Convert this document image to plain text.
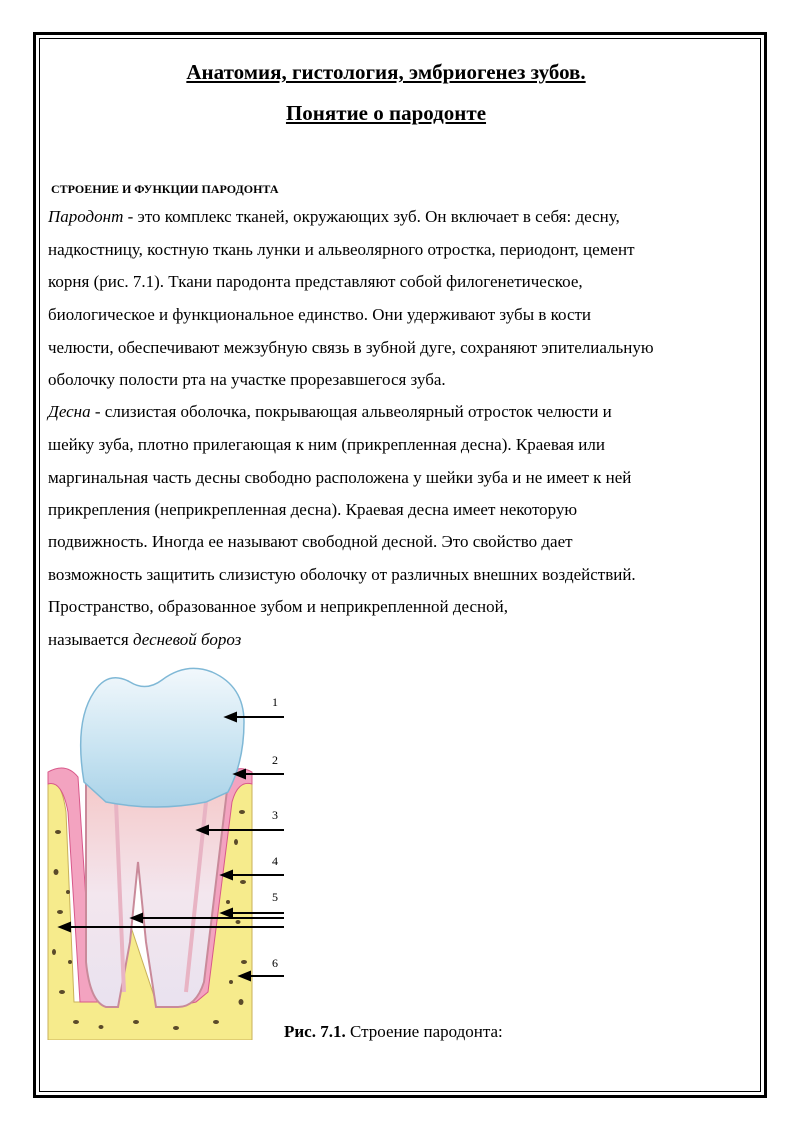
Анатомия, гистология, эмбриогенез зубов.
Понятие о пародонте
СТРОЕНИЕ И ФУНКЦИИ ПАРОДОНТА
Пародонт - это комплекс тканей, окружающих зуб. Он включает в себя: десну,
надкостницу, костную ткань лунки и альвеолярного отростка, периодонт, цемент
корня (рис. 7.1). Ткани пародонта представляют собой филогенетическое,
биологическое и функциональное единство. Они удерживают зубы в кости
челюсти, обеспечивают межзубную связь в зубной дуге, сохраняют эпителиальную
оболочку полости рта на участке прорезавшегося зуба.
Десна - слизистая оболочка, покрывающая альвеолярный отросток челюсти и
шейку зуба, плотно прилегающая к ним (прикрепленная десна). Краевая или
маргинальная часть десны свободно расположена у шейки зуба и не имеет к ней
прикрепления (неприкрепленная десна). Краевая десна имеет некоторую
подвижность. Иногда ее называют свободной десной. Это свойство дает
возможность защитить слизистую оболочку от различных внешних воздействий.
Пространство, образованное зубом и неприкрепленной десной,
называется десневой бороз
1
2
3
4
5
6
Рис. 7.1. Строение пародонта:
